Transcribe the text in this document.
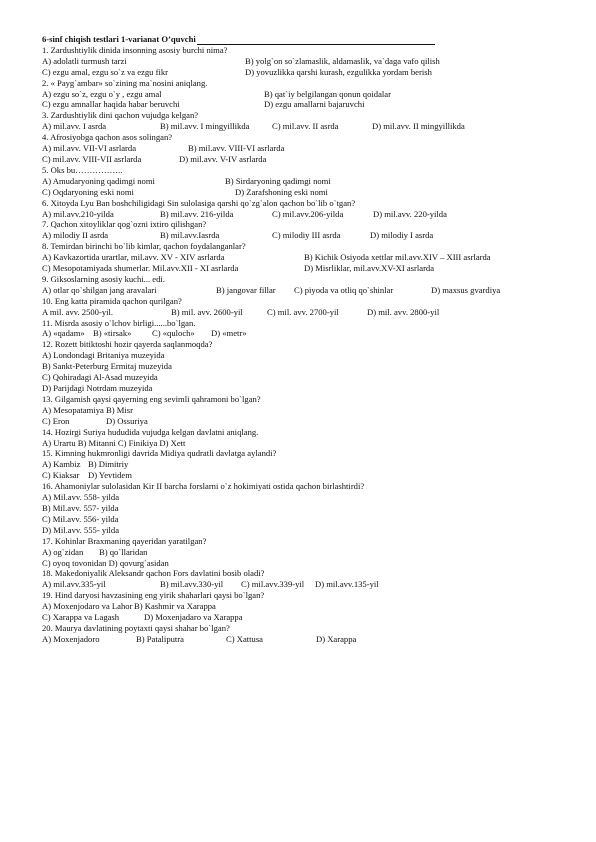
6-sinf chiqish testlari 1-varianat O’quvchi
1. Zardushtiylik dinida insonning asosiy burchi nima?
A) adolatli turmush tarzi	B) yolg`on so`zlamaslik, aldamaslik, va`daga vafo qilish
C) ezgu amal, ezgu so`z va ezgu fikr	D) yovuzlikka qarshi kurash, ezgulikka yordam berish
2. « Payg`ambar» so`zining ma`nosini aniqlang.
A) ezgu so`z, ezgu o`y , ezgu amal	B) qat`iy belgilangan qonun qoidalar
C) ezgu amnallar haqida habar beruvchi	D) ezgu amallarni bajaruvchi
3. Zardushtiylik dini qachon vujudga kelgan?
A) mil.avv. I asrda	B) mil.avv. I mingyillikda	C) mil.avv. II asrda	D) mil.avv. II mingyillikda
4. Afrosiyobga qachon asos solingan?
A) mil.avv. VII-VI asrlarda	B) mil.avv. VIII-VI asrlarda
C) mil.avv. VIII-VII asrlarda	D) mil.avv. V-IV asrlarda
5. Oks bu……………..
A) Amudaryoning qadimgi nomi	B) Sirdaryoning qadimgi nomi
C) Oqdaryoning eski nomi	D) Zarafshoning eski nomi
6. Xitoyda Lyu Ban boshchiligidagi Sin sulolasiga qarshi qo`zg`alon qachon bo`lib o`tgan?
A) mil.avv.210-yilda	B) mil.avv. 216-yilda	C) mil.avv.206-yilda	D) mil.avv. 220-yilda
7. Qachon xitoyliklar qog`ozni ixtiro qilishgan?
A) milodiy II asrda	B) mil.avv.Iasrda	C) milodiy III asrda	D) milodiy I asrda
8. Temirdan birinchi bo`lib kimlar, qachon foydalanganlar?
A) Kavkazortida urartlar, mil.avv. XV - XIV asrlarda	B) Kichik Osiyoda xettlar mil.avv.XIV – XIII asrlarda
C) Mesopotamiyada shumerlar. Mil.avv.XII - XI asrlarda	D) Misrliklar, mil.avv.XV-XI asrlarda
9. Giksoslarning asosiy kuchi... edi.
A) otlar qo`shilgan jang aravalari	B) jangovar fillar	C) piyoda va otliq qo`shinlar	D) maxsus gvardiya
10. Eng katta piramida qachon qurilgan?
A mil. avv. 2500-yil.	B) mil. avv. 2600-yil	C) mil. avv. 2700-yil	D) mil. avv. 2800-yil
11. Misrda asosiy o`lchov birligi......bo`lgan.
A) «qadam» B) «tirsak»	C) «quloch»	D) «metr»
12. Rozett bitiktoshi hozir qayerda saqlanmoqda?
A) Londondagi Britaniya muzeyida
B) Sankt-Peterburg Ermitaj muzeyida
C) Qohiradagi Al-Asad muzeyida
D) Parijdagi Notrdam muzeyida
13. Gilgamish qaysi qayerning eng sevimli qahramoni bo`lgan?
A) Mesopatamiya B) Misr
C) Eron	D) Ossuriya
14. Hozirgi Suriya hududida vujudga kelgan davlatni aniqlang.
A) Urartu B) Mitanni C) Finikiya D) Xett
15. Kimning hukmronligi davrida Midiya qudratli davlatga aylandi?
A) Kambiz B) Dimitriy
C) Kiaksar D) Yevtidem
16. Ahamoniylar sulolasidan Kir II barcha forslarni o`z hokimiyati ostida qachon birlashtirdi?
A) Mil.avv. 558- yilda
B) Mil.avv. 557- yilda
C) Mil.avv. 556- yilda
D) Mil.avv. 555- yilda
17. Kohinlar Braxmaning qayeridan yaratilgan?
A) og`zidan	B) qo`llaridan
C) oyoq tovonidan D) qovurg`asidan
18. Makedoniyalik Aleksandr qachon Fors davlatini bosib oladi?
A) mil.avv.335-yil	B) mil.avv.330-yil	C) mil.avv.339-yil	D) mil.avv.135-yil
19. Hind daryosi havzasining eng yirik shaharlari qaysi bo`lgan?
A) Moxenjodaro va Lahor B) Kashmir va Xarappa
C) Xarappa va Lagash	D) Moxenjadaro va Xarappa
20. Maurya davlatining poytaxti qaysi shahar bo`lgan?
A) Moxenjadoro	B) Pataliputra	C) Xattusa	D) Xarappa
